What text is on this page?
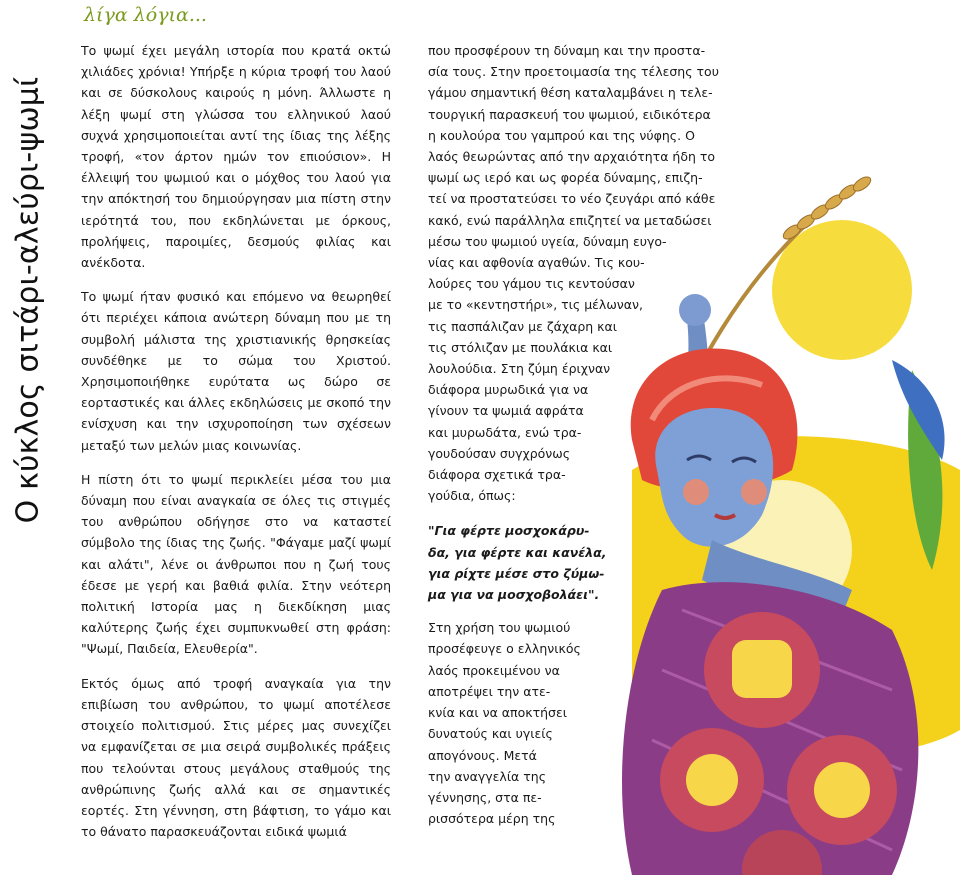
Ο κύκλος σιτάρι-αλεύρι-ψωμί
λίγα λόγια...

Το ψωμί έχει μεγάλη ιστορία που κρατά οκτώ χιλιάδες χρόνια! Υπήρξε η κύρια τροφή του λαού και σε δύσκολους καιρούς η μόνη. Άλλωστε η λέξη ψωμί στη γλώσσα του ελληνικού λαού συχνά χρησιμοποιείται αντί της ίδιας της λέξης τροφή, «τον άρτον ημών τον επιούσιον». Η έλλειψή του ψωμιού και ο μόχθος του λαού για την απόκτησή του δημιούργησαν μια πίστη στην ιερότητά του, που εκδηλώνεται με όρκους, προλήψεις, παροιμίες, δεσμούς φιλίας και ανέκδοτα.

Το ψωμί ήταν φυσικό και επόμενο να θεωρηθεί ότι περιέχει κάποια ανώτερη δύναμη που με τη συμβολή μάλιστα της χριστιανικής θρησκείας συνδέθηκε με το σώμα του Χριστού. Χρησιμοποιήθηκε ευρύτατα ως δώρο σε εορταστικές και άλλες εκδηλώσεις με σκοπό την ενίσχυση και την ισχυροποίηση των σχέσεων μεταξύ των μελών μιας κοινωνίας.

Η πίστη ότι το ψωμί περικλείει μέσα του μια δύναμη που είναι αναγκαία σε όλες τις στιγμές του ανθρώπου οδήγησε στο να καταστεί σύμβολο της ίδιας της ζωής. "Φάγαμε μαζί ψωμί και αλάτι", λένε οι άνθρωποι που η ζωή τους έδεσε με γερή και βαθιά φιλία. Στην νεότερη πολιτική Ιστορία μας η διεκδίκηση μιας καλύτερης ζωής έχει συμπυκνωθεί στη φράση: "Ψωμί, Παιδεία, Ελευθερία".

Εκτός όμως από τροφή αναγκαία για την επιβίωση του ανθρώπου, το ψωμί αποτέλεσε στοιχείο πολιτισμού. Στις μέρες μας συνεχίζει να εμφανίζεται σε μια σειρά συμβολικές πράξεις που τελούνται στους μεγάλους σταθμούς της ανθρώπινης ζωής αλλά και σε σημαντικές εορτές. Στη γέννηση, στη βάφτιση, το γάμο και το θάνατο παρασκευάζονται ειδικά ψωμιά

που προσφέρουν τη δύναμη και την προστα-
σία τους. Στην προετοιμασία της τέλεσης του
γάμου σημαντική θέση καταλαμβάνει η τελε-
τουργική παρασκευή του ψωμιού, ειδικότερα
η κουλούρα του γαμπρού και της νύφης. Ο
λαός θεωρώντας από την αρχαιότητα ήδη το
ψωμί ως ιερό και ως φορέα δύναμης, επιζη-
τεί να προστατεύσει το νέο ζευγάρι από κάθε
κακό, ενώ παράλληλα επιζητεί να μεταδώσει
μέσω του ψωμιού υγεία, δύναμη ευγο-
νίας και αφθονία αγαθών. Τις κου-
λούρες του γάμου τις κεντούσαν
με το «κεντηστήρι», τις μέλωναν,
τις πασπάλιζαν με ζάχαρη και
τις στόλιζαν με πουλάκια και
λουλούδια. Στη ζύμη έριχναν
διάφορα μυρωδικά για να
γίνουν τα ψωμιά αφράτα
και μυρωδάτα, ενώ τρα-
γουδούσαν συγχρόνως
διάφορα σχετικά τρα-
γούδια, όπως:
"Για φέρτε μοσχοκάρυ-
δα, για φέρτε και κανέλα,
για ρίχτε μέσε στο ζύμω-
μα για να μοσχοβολάει".
Στη χρήση του ψωμιού
προσέφευγε ο ελληνικός
λαός προκειμένου να
αποτρέψει την ατε-
κνία και να αποκτήσει
δυνατούς και υγιείς
απογόνους. Μετά
την αναγγελία της
γέννησης, στα πε-
ρισσότερα μέρη της
